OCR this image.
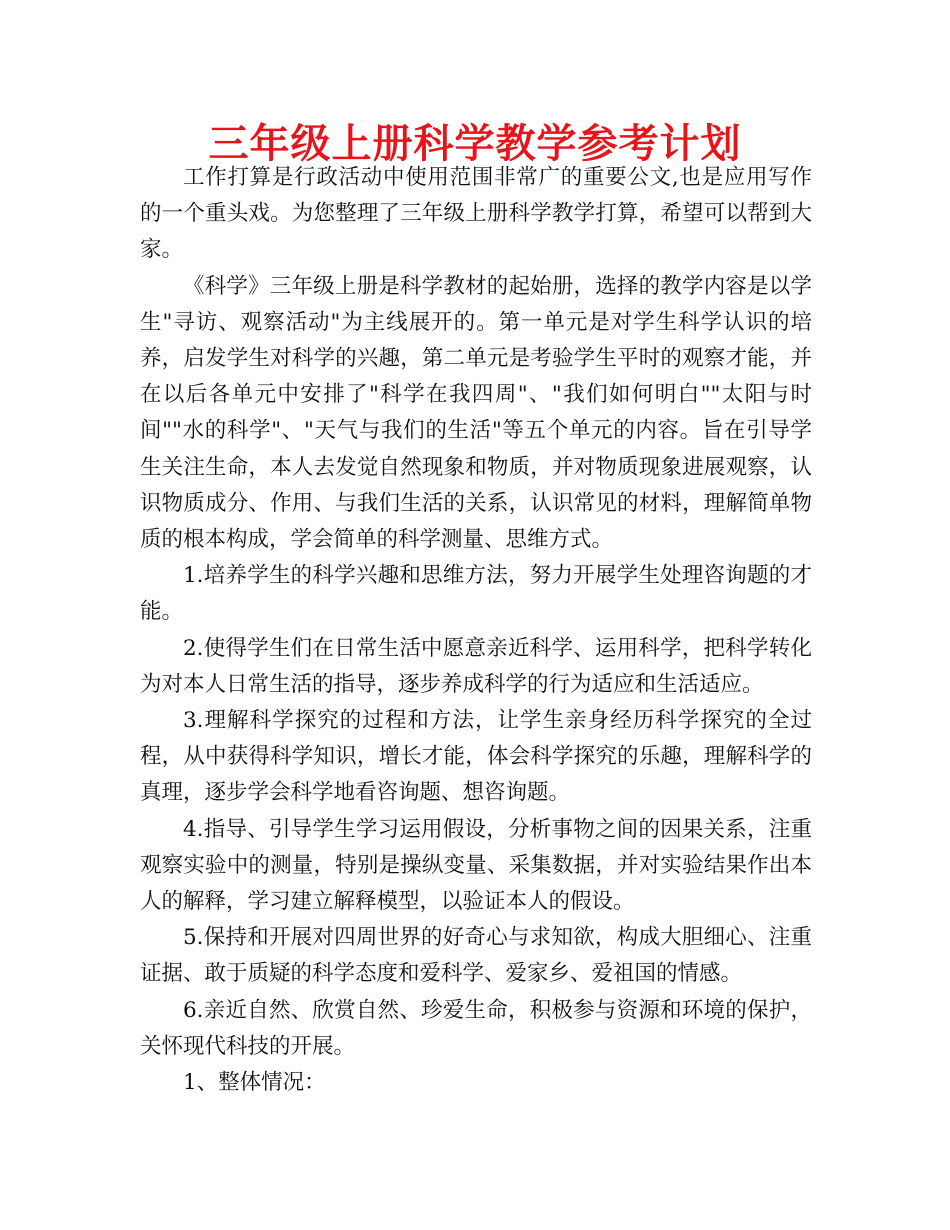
三年级上册科学教学参考计划

工作打算是行政活动中使用范围非常广的重要公文,也是应用写作的一个重头戏。为您整理了三年级上册科学教学打算，希望可以帮到大家。

《科学》三年级上册是科学教材的起始册，选择的教学内容是以学生"寻访、观察活动"为主线展开的。第一单元是对学生科学认识的培养，启发学生对科学的兴趣，第二单元是考验学生平时的观察才能，并在以后各单元中安排了"科学在我四周"、"我们如何明白""太阳与时间""水的科学"、"天气与我们的生活"等五个单元的内容。旨在引导学生关注生命，本人去发觉自然现象和物质，并对物质现象进展观察，认识物质成分、作用、与我们生活的关系，认识常见的材料，理解简单物质的根本构成，学会简单的科学测量、思维方式。

1.培养学生的科学兴趣和思维方法，努力开展学生处理咨询题的才能。

2.使得学生们在日常生活中愿意亲近科学、运用科学，把科学转化为对本人日常生活的指导，逐步养成科学的行为适应和生活适应。

3.理解科学探究的过程和方法，让学生亲身经历科学探究的全过程，从中获得科学知识，增长才能，体会科学探究的乐趣，理解科学的真理，逐步学会科学地看咨询题、想咨询题。

4.指导、引导学生学习运用假设，分析事物之间的因果关系，注重观察实验中的测量，特别是操纵变量、采集数据，并对实验结果作出本人的解释，学习建立解释模型，以验证本人的假设。

5.保持和开展对四周世界的好奇心与求知欲，构成大胆细心、注重证据、敢于质疑的科学态度和爱科学、爱家乡、爱祖国的情感。

6.亲近自然、欣赏自然、珍爱生命，积极参与资源和环境的保护，关怀现代科技的开展。

1、整体情况：
